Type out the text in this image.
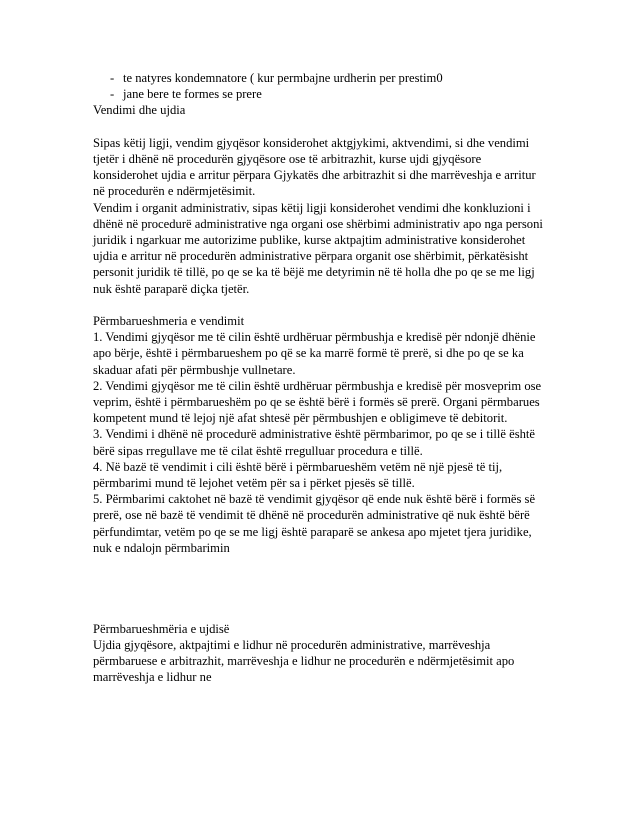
- te natyres kondemnatore ( kur permbajne urdherin per prestim0
- jane bere te formes se prere

Vendimi dhe ujdia

Sipas këtij ligji, vendim gjyqësor konsiderohet aktgjykimi, aktvendimi, si dhe vendimi tjetër i dhënë në procedurën gjyqësore ose të arbitrazhit, kurse ujdi gjyqësore konsiderohet ujdia e arritur përpara Gjykatës dhe arbitrazhit si dhe marrëveshja e arritur në procedurën e ndërmjetësimit.

Vendim i organit administrativ, sipas këtij ligji konsiderohet vendimi dhe konkluzioni i dhënë në procedurë administrative nga organi ose shërbimi administrativ apo nga personi juridik i ngarkuar me autorizime publike, kurse aktpajtim administrative konsiderohet ujdia e arritur në procedurën administrative përpara organit ose shërbimit, përkatësisht personit juridik të tillë, po qe se ka të bëjë me detyrimin në të holla dhe po qe se me ligj nuk është paraparë diçka tjetër.

Përmbarueshmeria e vendimit

1. Vendimi gjyqësor me të cilin është urdhëruar përmbushja e kredisë për ndonjë dhënie apo bërje, është i përmbarueshem po që se ka marrë formë të prerë, si dhe po qe se ka skaduar afati për përmbushje vullnetare.

2. Vendimi gjyqësor me të cilin është urdhëruar përmbushja e kredisë për mosveprim ose veprim, është i përmbarueshëm po qe se është bërë i formës së prerë. Organi përmbarues kompetent mund të lejoj një afat shtesë për përmbushjen e obligimeve të debitorit.

3. Vendimi i dhënë në procedurë administrative është përmbarimor, po qe se i tillë është bërë sipas rregullave me të cilat është rregulluar procedura e tillë.

4. Në bazë të vendimit i cili është bërë i përmbarueshëm vetëm në një pjesë të tij, përmbarimi mund të lejohet vetëm për sa i përket pjesës së tillë.

5. Përmbarimi caktohet në bazë të vendimit gjyqësor që ende nuk është bërë i formës së prerë, ose në bazë të vendimit të dhënë në procedurën administrative që nuk është bërë përfundimtar, vetëm po qe se me ligj është paraparë se ankesa apo mjetet tjera juridike, nuk e ndalojn përmbarimin

Përmbarueshmëria e ujdisë

Ujdia gjyqësore, aktpajtimi e lidhur në procedurën administrative, marrëveshja përmbaruese e arbitrazhit, marrëveshja e lidhur ne procedurën e ndërmjetësimit apo marrëveshja e lidhur ne
